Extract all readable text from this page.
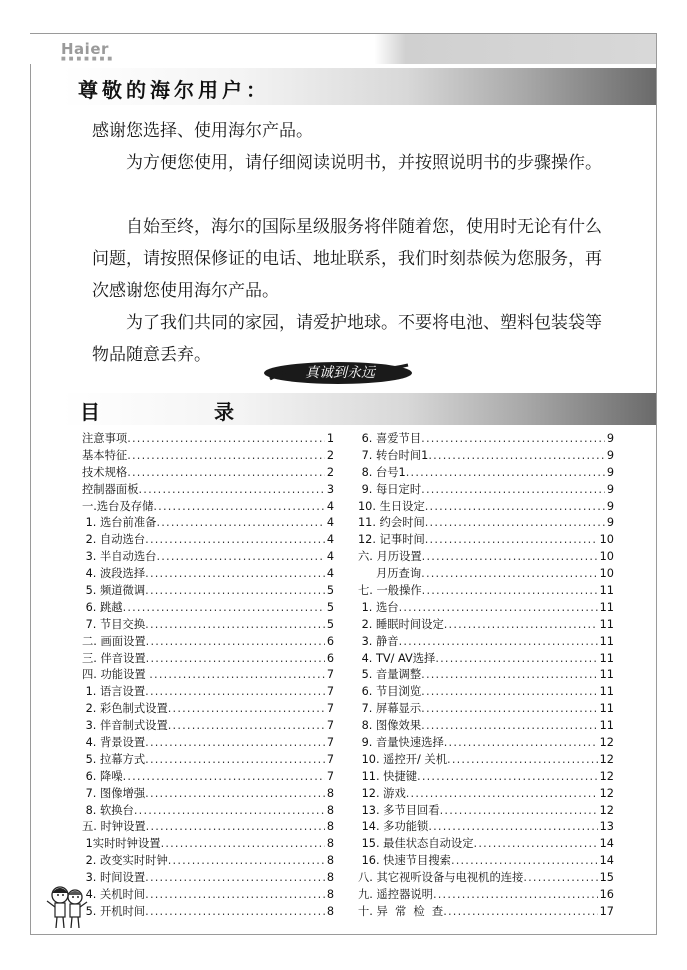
Haier
■■■■■■■
尊敬的海尔用户：
感谢您选择、使用海尔产品。
为方便您使用，请仔细阅读说明书，并按照说明书的步骤操作。
自始至终，海尔的国际星级服务将伴随着您，使用时无论有什么问题，请按照保修证的电话、地址联系，我们时刻恭候为您服务，再次感谢您使用海尔产品。
为了我们共同的家园，请爱护地球。不要将电池、塑料包装袋等物品随意丢弃。
真诚到永远
目	录
注意事项 .....	1
基本特征 .....	2
技术规格 .....	2
控制器面板 .....	3
一.选台及存储 .....	4
1. 选台前准备 .....	4
2. 自动选台 .....	4
3. 半自动选台 .....	4
4. 波段选择 .....	4
5. 频道微调 .....	5
6. 跳越 .....	5
7. 节目交换 .....	5
二. 画面设置 .....	6
三. 伴音设置 .....	6
四. 功能设置 .....	7
1. 语言设置 .....	7
2. 彩色制式设置 .....	7
3. 伴音制式设置 .....	7
4. 背景设置 .....	7
5. 拉幕方式 .....	7
6. 降噪 .....	7
7. 图像增强 .....	8
8. 软换台 .....	8
五. 时钟设置 .....	8
1实时时钟设置 .....	8
2. 改变实时时钟 .....	8
3. 时间设置 .....	8
4. 关机时间 .....	8
5. 开机时间 .....	8
6. 喜爱节目 .....	9
7. 转台时间1 .....	9
8. 台号1 .....	9
9. 每日定时 .....	9
10. 生日设定 .....	9
11. 约会时间 .....	9
12. 记事时间 .....	10
六. 月历设置 .....	10
月历查询 .....	10
七. 一般操作 .....	11
1. 选台 .....	11
2. 睡眠时间设定 .....	11
3. 静音 .....	11
4. TV/ AV选择 .....	11
5. 音量调整 .....	11
6. 节目浏览 .....	11
7. 屏幕显示 .....	11
8. 图像效果 .....	11
9. 音量快速选择 .....	12
10. 遥控开/ 关机 .....	12
11. 快捷键 .....	12
12. 游戏 .....	12
13. 多节目回看 .....	12
14. 多功能锁 .....	13
15. 最佳状态自动设定 .....	14
16. 快速节目搜索 .....	14
八. 其它视听设备与电视机的连接 .....	15
九. 遥控器说明 .....	16
十. 异  常  检  查 .....	17
